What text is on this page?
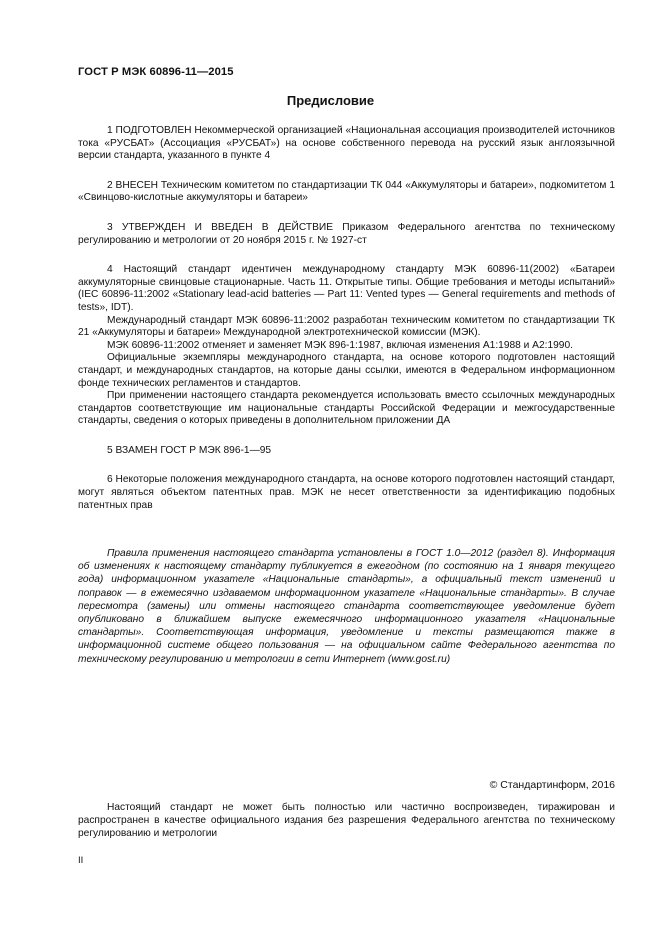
ГОСТ Р МЭК 60896-11—2015
Предисловие

1 ПОДГОТОВЛЕН Некоммерческой организацией «Национальная ассоциация производителей источников тока «РУСБАТ» (Ассоциация «РУСБАТ») на основе собственного перевода на русский язык англоязычной версии стандарта, указанного в пункте 4

2 ВНЕСЕН Техническим комитетом по стандартизации ТК 044 «Аккумуляторы и батареи», подкомитетом 1 «Свинцово-кислотные аккумуляторы и батареи»

3 УТВЕРЖДЕН И ВВЕДЕН В ДЕЙСТВИЕ Приказом Федерального агентства по техническому регулированию и метрологии от 20 ноября 2015 г. № 1927-ст

4 Настоящий стандарт идентичен международному стандарту МЭК 60896-11(2002) «Батареи аккумуляторные свинцовые стационарные. Часть 11. Открытые типы. Общие требования и методы испытаний» (IEC 60896-11:2002 «Stationary lead-acid batteries — Part 11: Vented types — General requirements and methods of tests», IDT).

Международный стандарт МЭК 60896-11:2002 разработан техническим комитетом по стандартизации ТК 21 «Аккумуляторы и батареи» Международной электротехнической комиссии (МЭК).

МЭК 60896-11:2002 отменяет и заменяет МЭК 896-1:1987, включая изменения А1:1988 и А2:1990.

Официальные экземпляры международного стандарта, на основе которого подготовлен настоящий стандарт, и международных стандартов, на которые даны ссылки, имеются в Федеральном информационном фонде технических регламентов и стандартов.

При применении настоящего стандарта рекомендуется использовать вместо ссылочных международных стандартов соответствующие им национальные стандарты Российской Федерации и межгосударственные стандарты, сведения о которых приведены в дополнительном приложении ДА

5 ВЗАМЕН ГОСТ Р МЭК 896-1—95

6 Некоторые положения международного стандарта, на основе которого подготовлен настоящий стандарт, могут являться объектом патентных прав. МЭК не несет ответственности за идентификацию подобных патентных прав

Правила применения настоящего стандарта установлены в ГОСТ 1.0—2012 (раздел 8). Информация об изменениях к настоящему стандарту публикуется в ежегодном (по состоянию на 1 января текущего года) информационном указателе «Национальные стандарты», а официальный текст изменений и поправок — в ежемесячно издаваемом информационном указателе «Национальные стандарты». В случае пересмотра (замены) или отмены настоящего стандарта соответствующее уведомление будет опубликовано в ближайшем выпуске ежемесячного информационного указателя «Национальные стандарты». Соответствующая информация, уведомление и тексты размещаются также в информационной системе общего пользования — на официальном сайте Федерального агентства по техническому регулированию и метрологии в сети Интернет (www.gost.ru)

© Стандартинформ, 2016

Настоящий стандарт не может быть полностью или частично воспроизведен, тиражирован и распространен в качестве официального издания без разрешения Федерального агентства по техническому регулированию и метрологии

II
